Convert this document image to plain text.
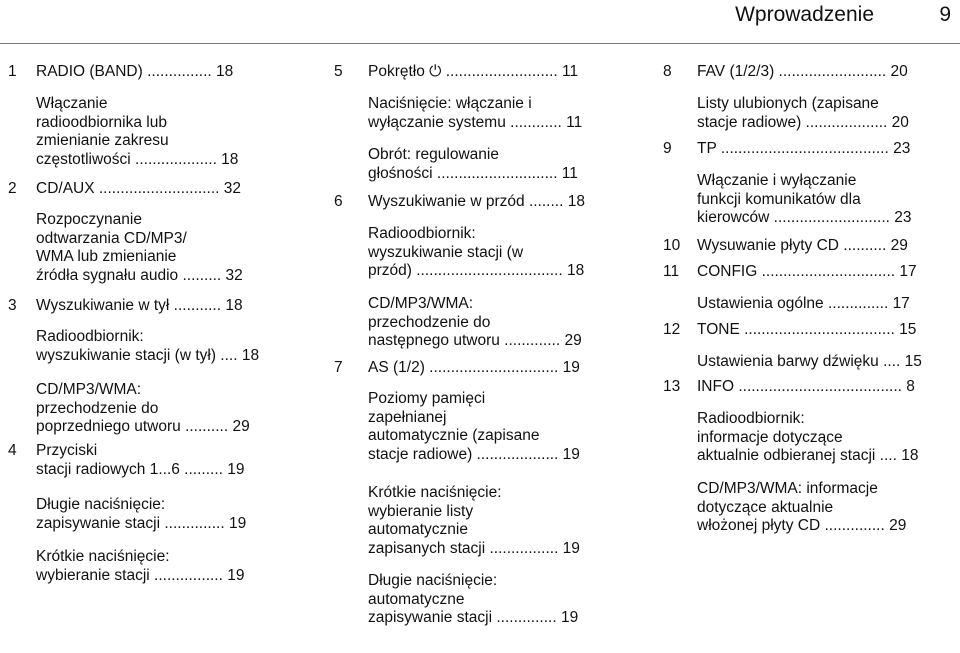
Wprowadzenie	9
1 RADIO (BAND) ............... 18
Włączanie
radioodbiornika lub
zmienianie zakresu
częstotliwości ................... 18
2 CD/AUX ............................ 32
Rozpoczynanie
odtwarzania CD/MP3/
WMA lub zmienianie
źródła sygnału audio ......... 32
3 Wyszukiwanie w tył ........... 18
Radioodbiornik:
wyszukiwanie stacji (w tył) .... 18
CD/MP3/WMA:
przechodzenie do
poprzedniego utworu .......... 29
4 Przyciski
stacji radiowych 1...6 ......... 19
Długie naciśnięcie:
zapisywanie stacji .............. 19
Krótkie naciśnięcie:
wybieranie stacji ................ 19
5 Pokrętło ⏻ .......................... 11
Naciśnięcie: włączanie i
wyłączanie systemu ............ 11
Obrót: regulowanie
głośności ............................ 11
6 Wyszukiwanie w przód ........ 18
Radioodbiornik:
wyszukiwanie stacji (w
przód) .................................. 18
CD/MP3/WMA:
przechodzenie do
następnego utworu ............. 29
7 AS (1/2) .............................. 19
Poziomy pamięci
zapełnianej
automatycznie (zapisane
stacje radiowe) ................... 19
Krótkie naciśnięcie:
wybieranie listy
automatycznie
zapisanych stacji ................ 19
Długie naciśnięcie:
automatyczne
zapisywanie stacji .............. 19
8 FAV (1/2/3) ......................... 20
Listy ulubionych (zapisane
stacje radiowe) ................... 20
9 TP ....................................... 23
Włączanie i wyłączanie
funkcji komunikatów dla
kierowców ........................... 23
10 Wysuwanie płyty CD .......... 29
11 CONFIG ............................... 17
Ustawienia ogólne .............. 17
12 TONE ................................... 15
Ustawienia barwy dźwięku .... 15
13 INFO ...................................... 8
Radioodbiornik:
informacje dotyczące
aktualnie odbieranej stacji .... 18
CD/MP3/WMA: informacje
dotyczące aktualnie
włożonej płyty CD .............. 29
